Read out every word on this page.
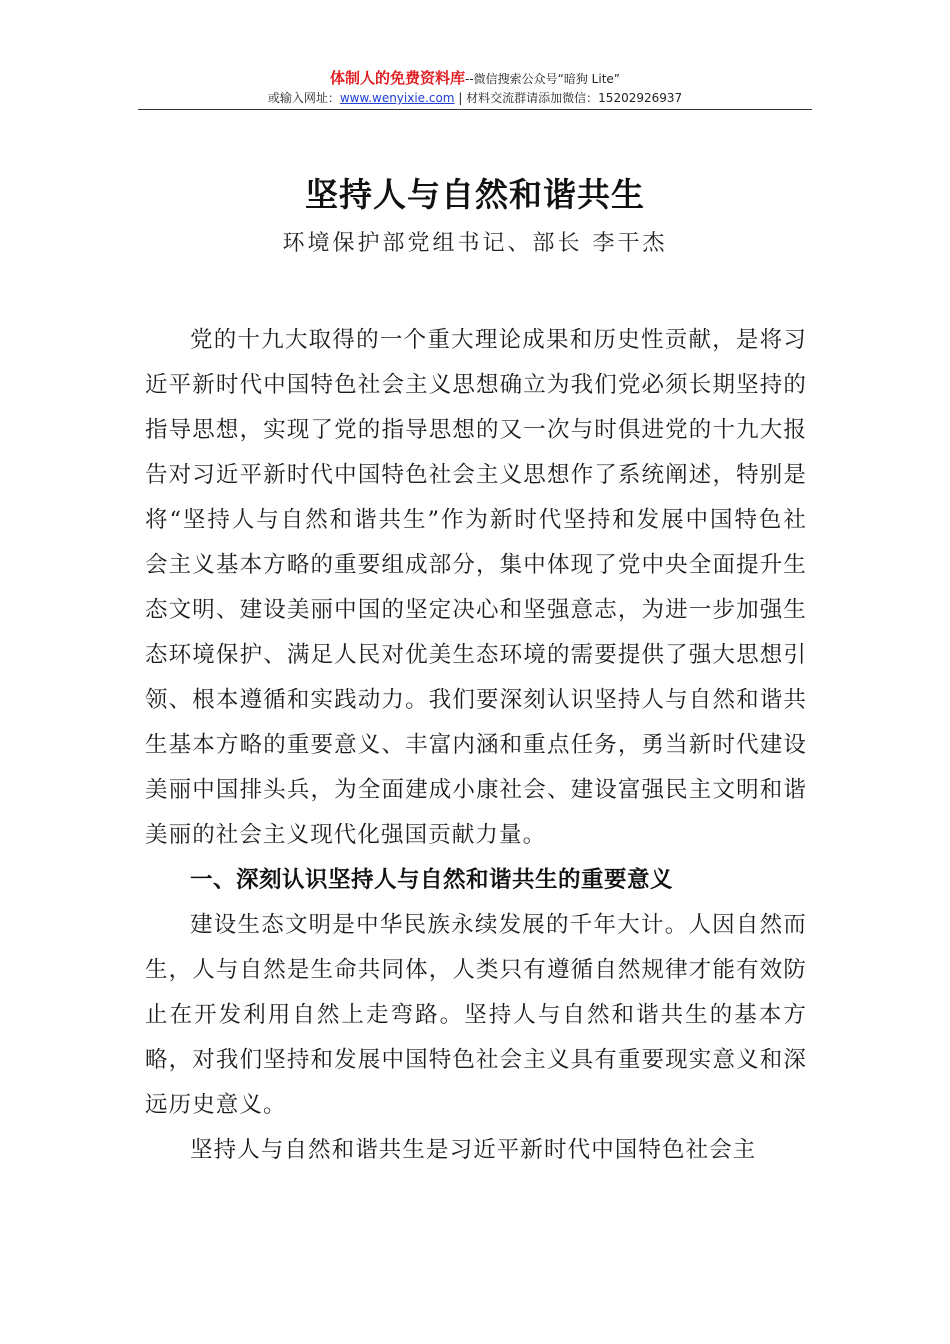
体制人的免费资料库--微信搜索公众号“暗狗 Lite”
或输入网址：www.wenyixie.com | 材料交流群请添加微信：15202926937
坚持人与自然和谐共生
环境保护部党组书记、部长 李干杰

党的十九大取得的一个重大理论成果和历史性贡献，是将习近平新时代中国特色社会主义思想确立为我们党必须长期坚持的指导思想，实现了党的指导思想的又一次与时俱进党的十九大报告对习近平新时代中国特色社会主义思想作了系统阐述，特别是将“坚持人与自然和谐共生”作为新时代坚持和发展中国特色社会主义基本方略的重要组成部分，集中体现了党中央全面提升生态文明、建设美丽中国的坚定决心和坚强意志，为进一步加强生态环境保护、满足人民对优美生态环境的需要提供了强大思想引领、根本遵循和实践动力。我们要深刻认识坚持人与自然和谐共生基本方略的重要意义、丰富内涵和重点任务，勇当新时代建设美丽中国排头兵，为全面建成小康社会、建设富强民主文明和谐美丽的社会主义现代化强国贡献力量。

一、深刻认识坚持人与自然和谐共生的重要意义

建设生态文明是中华民族永续发展的千年大计。人因自然而生，人与自然是生命共同体，人类只有遵循自然规律才能有效防止在开发利用自然上走弯路。坚持人与自然和谐共生的基本方略，对我们坚持和发展中国特色社会主义具有重要现实意义和深远历史意义。

坚持人与自然和谐共生是习近平新时代中国特色社会主
